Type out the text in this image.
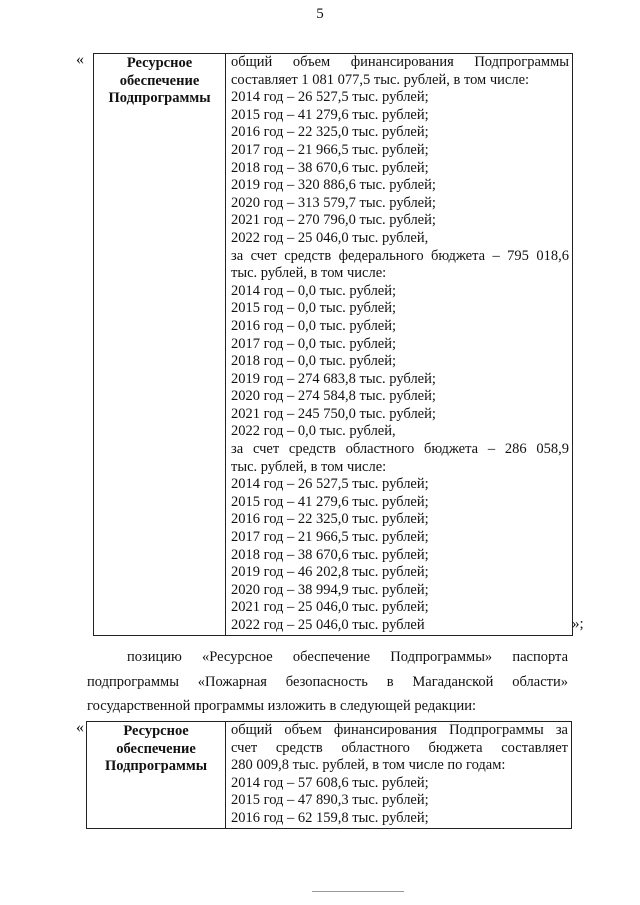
5
«	Ресурсное
обеспечение
Подпрограммы

общий объем финансирования Подпрограммы
составляет 1 081 077,5 тыс. рублей, в том числе:
2014 год – 26 527,5 тыс. рублей;
2015 год – 41 279,6 тыс. рублей;
2016 год – 22 325,0 тыс. рублей;
2017 год – 21 966,5 тыс. рублей;
2018 год – 38 670,6 тыс. рублей;
2019 год – 320 886,6 тыс. рублей;
2020 год – 313 579,7 тыс. рублей;
2021 год – 270 796,0 тыс. рублей;
2022 год – 25 046,0 тыс. рублей,
за счет средств федерального бюджета – 795 018,6
тыс. рублей, в том числе:
2014 год – 0,0 тыс. рублей;
2015 год – 0,0 тыс. рублей;
2016 год – 0,0 тыс. рублей;
2017 год – 0,0 тыс. рублей;
2018 год – 0,0 тыс. рублей;
2019 год – 274 683,8 тыс. рублей;
2020 год – 274 584,8 тыс. рублей;
2021 год – 245 750,0 тыс. рублей;
2022 год – 0,0 тыс. рублей,
за счет средств областного бюджета – 286 058,9
тыс. рублей, в том числе:
2014 год – 26 527,5 тыс. рублей;
2015 год – 41 279,6 тыс. рублей;
2016 год – 22 325,0 тыс. рублей;
2017 год – 21 966,5 тыс. рублей;
2018 год – 38 670,6 тыс. рублей;
2019 год – 46 202,8 тыс. рублей;
2020 год – 38 994,9 тыс. рублей;
2021 год – 25 046,0 тыс. рублей;
2022 год – 25 046,0 тыс. рублей	»;
позицию «Ресурсное обеспечение Подпрограммы» паспорта
подпрограммы «Пожарная безопасность в Магаданской области»
государственной программы изложить в следующей редакции:
«	Ресурсное
обеспечение
Подпрограммы

общий объем финансирования Подпрограммы за
счет средств областного бюджета составляет
280 009,8 тыс. рублей, в том числе по годам:
2014 год – 57 608,6 тыс. рублей;
2015 год – 47 890,3 тыс. рублей;
2016 год – 62 159,8 тыс. рублей;
